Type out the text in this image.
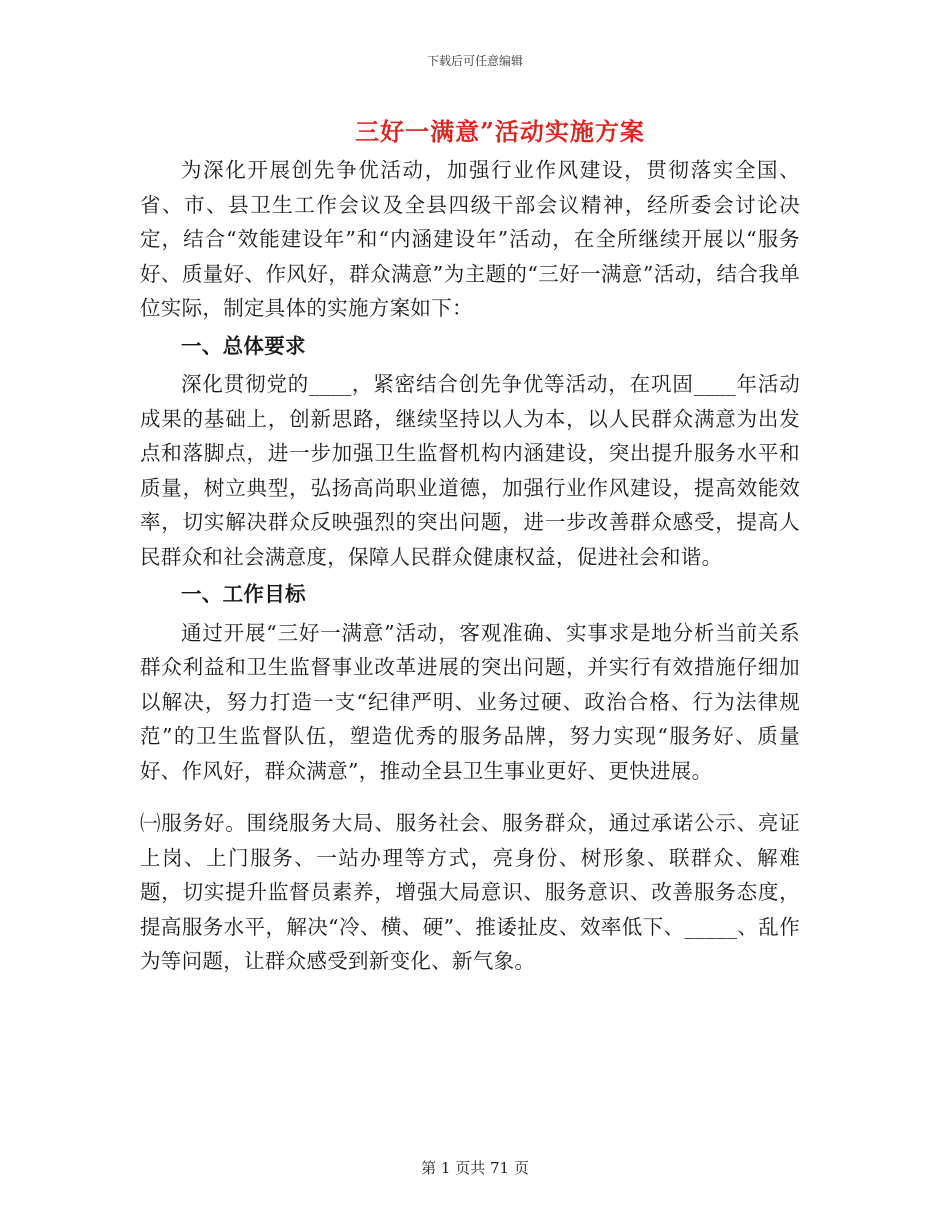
下载后可任意编辑
三好一满意”活动实施方案

为深化开展创先争优活动，加强行业作风建设，贯彻落实全国、省、市、县卫生工作会议及全县四级干部会议精神，经所委会讨论决定，结合“效能建设年”和“内涵建设年”活动，在全所继续开展以“服务好、质量好、作风好，群众满意”为主题的“三好一满意”活动，结合我单位实际，制定具体的实施方案如下：

一、总体要求

深化贯彻党的____，紧密结合创先争优等活动，在巩固____年活动成果的基础上，创新思路，继续坚持以人为本，以人民群众满意为出发点和落脚点，进一步加强卫生监督机构内涵建设，突出提升服务水平和质量，树立典型，弘扬高尚职业道德，加强行业作风建设，提高效能效率，切实解决群众反映强烈的突出问题，进一步改善群众感受，提高人民群众和社会满意度，保障人民群众健康权益，促进社会和谐。

一、工作目标

通过开展“三好一满意”活动，客观准确、实事求是地分析当前关系群众利益和卫生监督事业改革进展的突出问题，并实行有效措施仔细加以解决，努力打造一支“纪律严明、业务过硬、政治合格、行为法律规范”的卫生监督队伍，塑造优秀的服务品牌，努力实现“服务好、质量好、作风好，群众满意”，推动全县卫生事业更好、更快进展。

㈠服务好。围绕服务大局、服务社会、服务群众，通过承诺公示、亮证上岗、上门服务、一站办理等方式，亮身份、树形象、联群众、解难题，切实提升监督员素养，增强大局意识、服务意识、改善服务态度，提高服务水平，解决“冷、横、硬”、推诿扯皮、效率低下、_____、乱作为等问题，让群众感受到新变化、新气象。

第 1 页共 71 页
